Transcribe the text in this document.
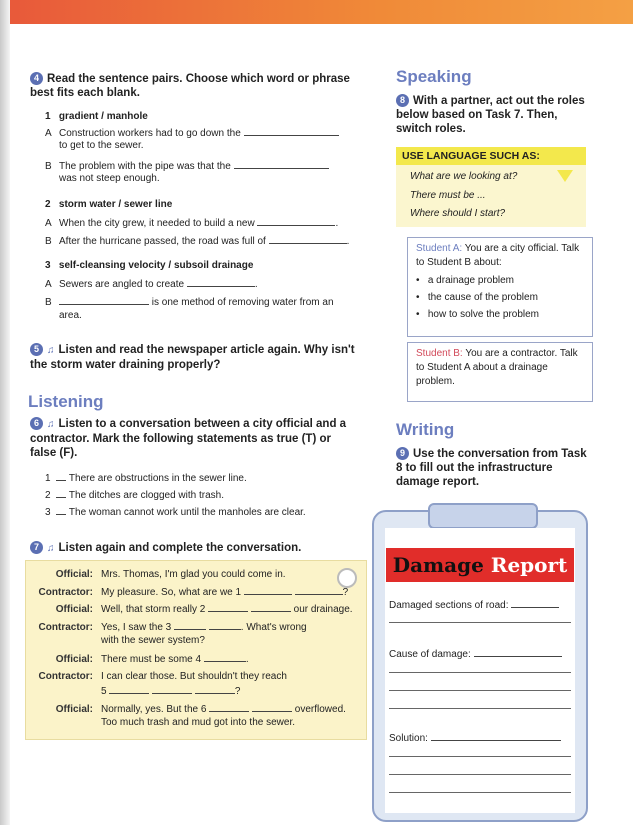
4 Read the sentence pairs. Choose which word or phrase best fits each blank.
1 gradient / manhole
A Construction workers had to go down the
to get to the sewer.
B The problem with the pipe was that the
was not steep enough.
2 storm water / sewer line
A When the city grew, it needed to build a new	.
B After the hurricane passed, the road was full of	.
3 self-cleansing velocity / subsoil drainage
A Sewers are angled to create	.
B	is one method of removing water from an
area.
5 ♫ Listen and read the newspaper article again. Why isn't the storm water draining properly?
Listening
6 ♫ Listen to a conversation between a city official and a contractor. Mark the following statements as true (T) or false (F).
1 There are obstructions in the sewer line.
2 The ditches are clogged with trash.
3 The woman cannot work until the manholes are clear.
7 ♫ Listen again and complete the conversation.
Official: Mrs. Thomas, I'm glad you could come in.
Contractor: My pleasure. So, what are we 1	?
Official: Well, that storm really 2	our drainage.
Contractor: Yes, I saw the 3	. What's wrong
with the sewer system?
Official: There must be some 4	.
Contractor: I can clear those. But shouldn't they reach
5	?
Official: Normally, yes. But the 6	overflowed.
Too much trash and mud got into the sewer.
Speaking
8 With a partner, act out the roles below based on Task 7. Then, switch roles.
USE LANGUAGE SUCH AS:
What are we looking at?
There must be ...
Where should I start?
Student A: You are a city official. Talk to Student B about:
•   a drainage problem
•   the cause of the problem
•   how to solve the problem
Student B: You are a contractor. Talk to Student A about a drainage problem.
Writing
9 Use the conversation from Task 8 to fill out the infrastructure damage report.
Damage Report
Damaged sections of road:
Cause of damage:
Solution:
